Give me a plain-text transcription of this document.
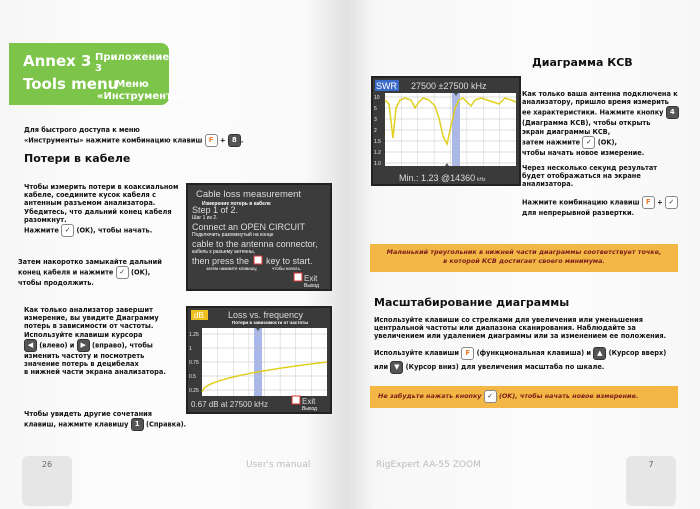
Annex 3 Приложение 3
Tools menu
Меню «Инструменты»
Для быстрого доступа к меню
«Инструменты» нажмите комбинацию клавиш F + 8 .
Потери в кабеле
Чтобы измерить потери в коаксиальном
кабеле, соедините кусок кабеля с
антенным разъемом анализатора.
Убедитесь, что дальний конец кабеля
разомкнут.
Нажмите ✓ (OK), чтобы начать.
Затем накоротко замыкайте дальний
конец кабеля и нажмите ✓ (OK),
чтобы продолжить.
Как только анализатор завершит
измерение, вы увидите Диаграмму
потерь в зависимости от частоты.
Используйте клавиши курсора
◀ (влево) и ▶ (вправо), чтобы
изменить частоту и посмотреть
значение потерь в децибелах
в нижней части экрана анализатора.
Чтобы увидеть другие сочетания
клавиш, нажмите клавишу 1 (Справка).
Cable loss measurement
Измерение потерь в кабеле
Step 1 of 2.
Шаг 1 из 2.
Connect an OPEN CIRCUIT
Подключить разомкнутый на конце
cable to the antenna connector,
кабель к разъему антенны,
then press the key to start.
затем нажмите клавишу,	чтобы начать.
Exit
Выход
dB	Loss vs. frequency
Потери в зависимости от частоты
1.25
1
0.75
0.5
0.25
0.67 dB at 27500 kHz	Exit
Выход
26	User's manual
Диаграмма КСВ
SWR 27500 ±27500 kHz
10
5
3
2
1.5
1.2
1.0
Min.: 1.23 @14360 kHz
Как только ваша антенна подключена к
анализатору, пришло время измерить
ее характеристики. Нажмите кнопку 4
(Диаграмма КСВ), чтобы открыть
экран диаграммы КСВ,
затем нажмите ✓ (OK),
чтобы начать новое измерение.
Через несколько секунд результат
будет отображаться на экране
анализатора.
Нажмите комбинацию клавиш F + ✓
для непрерывной развертки.
Маленький треугольник в нижней части диаграммы соответствует точке,
в которой КСВ достигает своего минимума.
Масштабирование диаграммы
Используйте клавиши со стрелками для увеличения или уменьшения
центральной частоты или диапазона сканирования. Наблюдайте за
увеличением или удалением диаграммы или за изменением ее положения.
Используйте клавиши F (функциональная клавиша) и ▲ (Курсор вверх)
или ▼ (Курсор вниз) для увеличения масштаба по шкале.
Не забудьте нажать кнопку ✓ (OK), чтобы начать новое измерение.
RigExpert AA-55 ZOOM	7
